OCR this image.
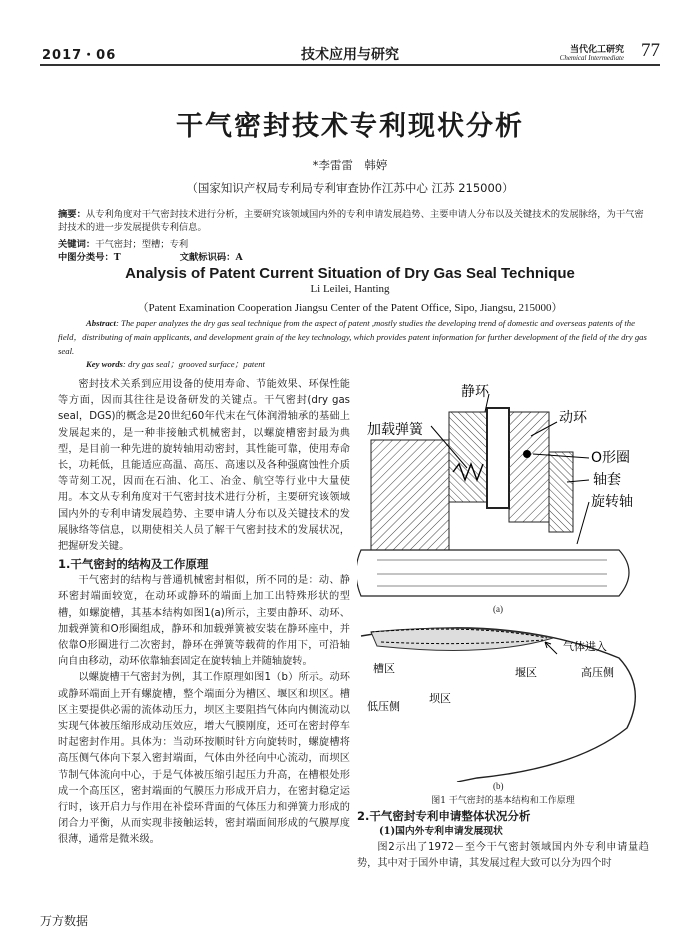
2017・06	技术应用与研究	当代化工研究
Chemical Intermediate 77
干气密封技术专利现状分析
*李雷雷　韩婷
（国家知识产权局专利局专利审查协作江苏中心 江苏 215000）
摘要：从专利角度对干气密封技术进行分析，主要研究该领域国内外的专利申请发展趋势、主要申请人分布以及关键技术的发展脉络，为干气密封技术的进一步发展提供专利信息。
关键词：干气密封；型槽；专利
中图分类号：T	文献标识码：A
Analysis of Patent Current Situation of Dry Gas Seal Technique
Li Leilei, Hanting
（Patent Examination Cooperation Jiangsu Center of the Patent Office, Sipo, Jiangsu, 215000）
Abstract: The paper analyzes the dry gas seal technique from the aspect of patent ,mostly studies the developing trend of domestic and overseas patents of the field，distributing of main applicants, and development grain of the key technology, which provides patent information for further development of the field of the dry gas seal.
Key words: dry gas seal；grooved surface；patent

密封技术关系到应用设备的使用寿命、节能效果、环保性能等方面，因而其往往是设备研发的关键点。干气密封(dry gas seal，DGS)的概念是20世纪60年代末在气体润滑轴承的基础上发展起来的，是一种非接触式机械密封，以螺旋槽密封最为典型，是目前一种先进的旋转轴用动密封，其性能可靠，使用寿命长，功耗低，且能适应高温、高压、高速以及各种强腐蚀性介质等苛刻工况，因而在石油、化工、冶金、航空等行业中大量使用。本文从专利角度对干气密封技术进行分析，主要研究该领域国内外的专利申请发展趋势、主要申请人分布以及关键技术的发展脉络等信息，以期使相关人员了解干气密封技术的发展状况，把握研发关键。

1.干气密封的结构及工作原理

干气密封的结构与普通机械密封相似，所不同的是：动、静环密封端面较宽，在动环或静环的端面上加工出特殊形状的型槽，如螺旋槽，其基本结构如图1(a)所示，主要由静环、动环、加载弹簧和O形圈组成，静环和加载弹簧被安装在静环座中，并依靠O形圈进行二次密封，静环在弹簧等载荷的作用下，可沿轴向自由移动，动环依靠轴套固定在旋转轴上并随轴旋转。

以螺旋槽干气密封为例，其工作原理如图1（b）所示。动环或静环端面上开有螺旋槽，整个端面分为槽区、堰区和坝区。槽区主要提供必需的流体动压力，坝区主要阻挡气体向内侧流动以实现气体被压缩形成动压效应，增大气膜刚度，还可在密封停车时起密封作用。具体为：当动环按顺时针方向旋转时，螺旋槽将高压侧气体向下泵入密封端面，气体由外径向中心流动，而坝区节制气体流向中心，于是气体被压缩引起压力升高，在槽根处形成一个高压区，密封端面的气膜压力形成开启力，在密封稳定运行时，该开启力与作用在补偿环背面的气体压力和弹簧力形成的闭合力平衡，从而实现非接触运转，密封端面间形成的气膜厚度很薄，通常是微米级。

静环
加载弹簧
动环
O形圈
轴套
旋转轴
(a)
气体进入
槽区	堰区	高压侧
坝区
低压侧
(b)
图1 干气密封的基本结构和工作原理
2.干气密封专利申请整体状况分析
(1)国内外专利申请发展现状

图2示出了1972－至今干气密封领域国内外专利申请量趋势，其中对于国外申请，其发展过程大致可以分为四个时

万方数据
